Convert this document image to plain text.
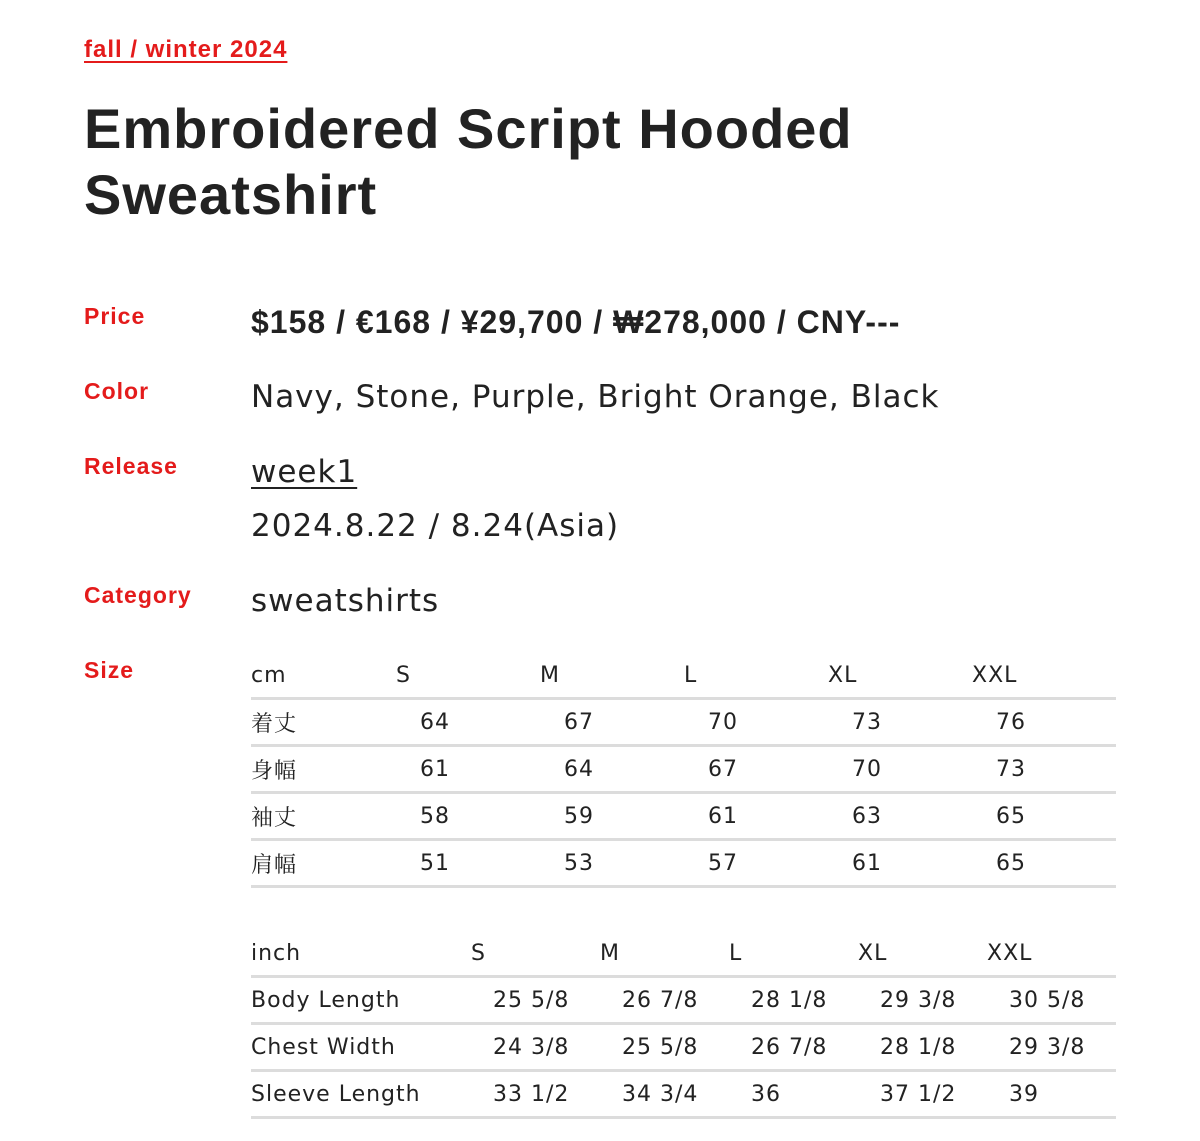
fall / winter 2024
Embroidered Script Hooded Sweatshirt
Price	$158 / €168 / ¥29,700 / ₩278,000 / CNY---
Color	Navy, Stone, Purple, Bright Orange, Black
Release week1
2024.8.22 / 8.24(Asia)
Category sweatshirts
Size	cm	S	M	L	XL	XXL
着丈	64	67	70	73	76
身幅	61	64	67	70	73
袖丈	58	59	61	63	65
肩幅	51	53	57	61	65
inch	S	M	L	XL	XXL
Body Length	25 5/8	26 7/8	28 1/8	29 3/8	30 5/8
Chest Width	24 3/8	25 5/8	26 7/8	28 1/8	29 3/8
Sleeve Length	33 1/2	34 3/4	36	37 1/2	39
